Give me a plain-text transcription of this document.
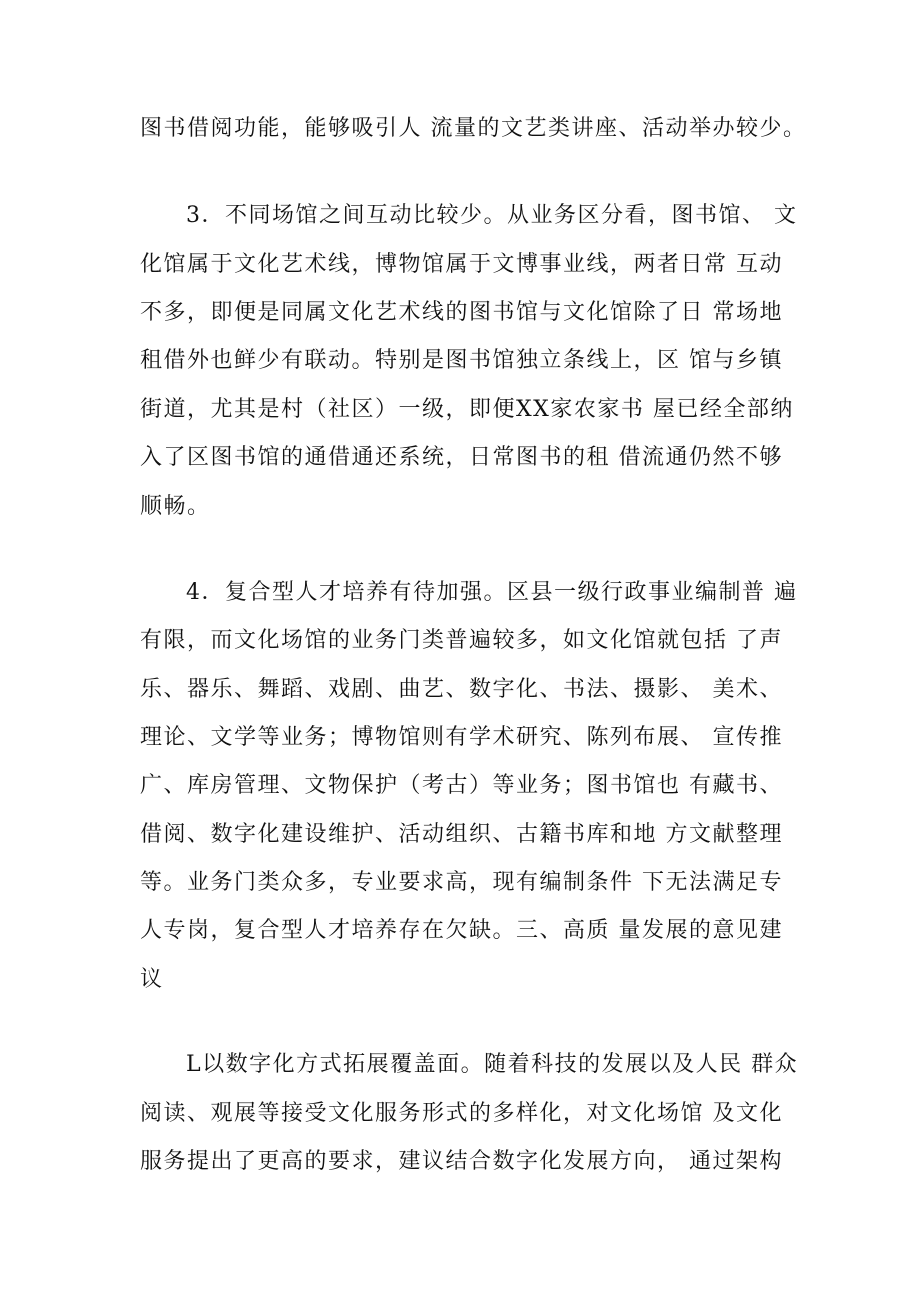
图书借阅功能，能够吸引人 流量的文艺类讲座、活动举办较少。
3．不同场馆之间互动比较少。从业务区分看，图书馆、 文
化馆属于文化艺术线，博物馆属于文博事业线，两者日常 互动
不多，即便是同属文化艺术线的图书馆与文化馆除了日 常场地
租借外也鲜少有联动。特别是图书馆独立条线上，区 馆与乡镇
街道，尤其是村（社区）一级，即便XX家农家书 屋已经全部纳
入了区图书馆的通借通还系统，日常图书的租 借流通仍然不够
顺畅。
4．复合型人才培养有待加强。区县一级行政事业编制普 遍
有限，而文化场馆的业务门类普遍较多，如文化馆就包括 了声
乐、器乐、舞蹈、戏剧、曲艺、数字化、书法、摄影、 美术、
理论、文学等业务；博物馆则有学术研究、陈列布展、 宣传推
广、库房管理、文物保护（考古）等业务；图书馆也 有藏书、
借阅、数字化建设维护、活动组织、古籍书库和地 方文献整理
等。业务门类众多，专业要求高，现有编制条件 下无法满足专
人专岗，复合型人才培养存在欠缺。三、高质 量发展的意见建
议
L以数字化方式拓展覆盖面。随着科技的发展以及人民 群众
阅读、观展等接受文化服务形式的多样化，对文化场馆 及文化
服务提出了更高的要求，建议结合数字化发展方向， 通过架构
